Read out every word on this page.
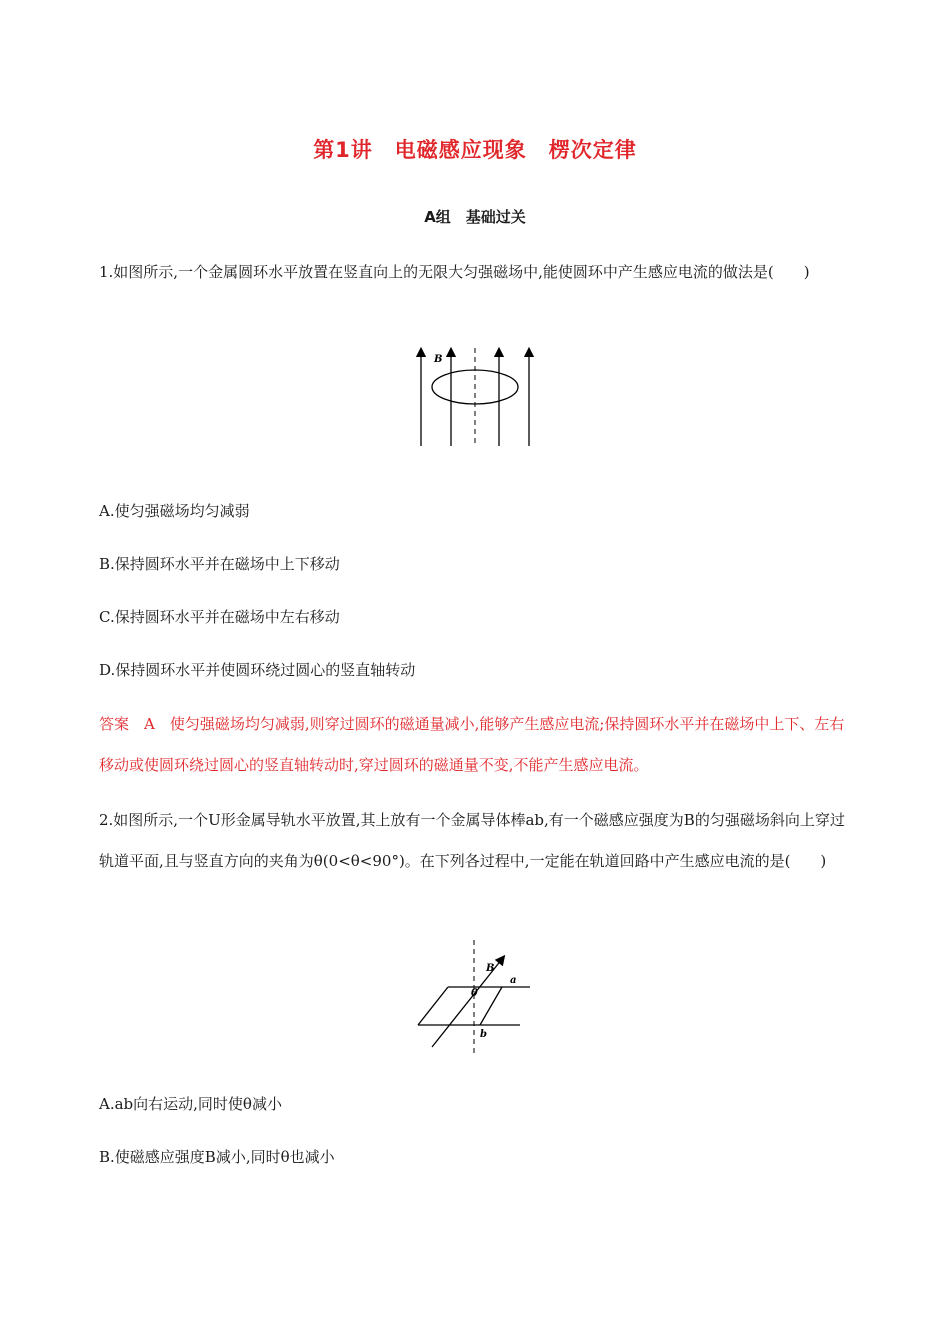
第1讲　电磁感应现象　楞次定律
A组　基础过关

1.如图所示,一个金属圆环水平放置在竖直向上的无限大匀强磁场中,能使圆环中产生感应电流的做法是(　　)

B

A.使匀强磁场均匀减弱

B.保持圆环水平并在磁场中上下移动

C.保持圆环水平并在磁场中左右移动

D.保持圆环水平并使圆环绕过圆心的竖直轴转动

答案　A　使匀强磁场均匀减弱,则穿过圆环的磁通量减小,能够产生感应电流;保持圆环水平并在磁场中上下、左右移动或使圆环绕过圆心的竖直轴转动时,穿过圆环的磁通量不变,不能产生感应电流。

2.如图所示,一个U形金属导轨水平放置,其上放有一个金属导体棒ab,有一个磁感应强度为B的匀强磁场斜向上穿过轨道平面,且与竖直方向的夹角为θ(0<θ<90°)。在下列各过程中,一定能在轨道回路中产生感应电流的是(　　)

B
θ
a
b

A.ab向右运动,同时使θ减小

B.使磁感应强度B减小,同时θ也减小
